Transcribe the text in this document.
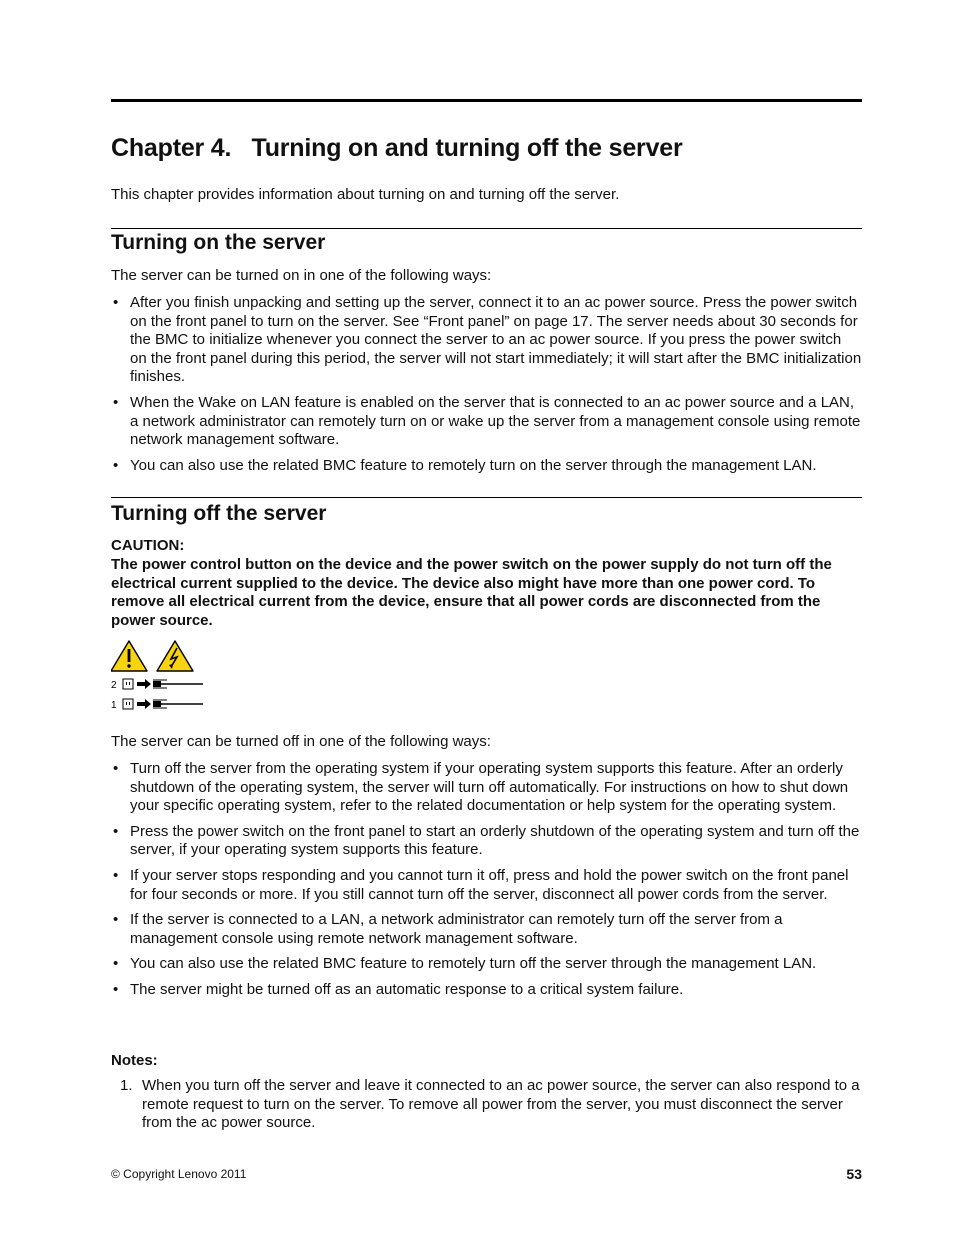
Chapter 4.   Turning on and turning off the server

This chapter provides information about turning on and turning off the server.

Turning on the server

The server can be turned on in one of the following ways:

• After you finish unpacking and setting up the server, connect it to an ac power source. Press the power switch on the front panel to turn on the server. See “Front panel” on page 17. The server needs about 30 seconds for the BMC to initialize whenever you connect the server to an ac power source. If you press the power switch on the front panel during this period, the server will not start immediately; it will start after the BMC initialization finishes.
• When the Wake on LAN feature is enabled on the server that is connected to an ac power source and a LAN, a network administrator can remotely turn on or wake up the server from a management console using remote network management software.
• You can also use the related BMC feature to remotely turn on the server through the management LAN.
Turning off the server

CAUTION:

The power control button on the device and the power switch on the power supply do not turn off the electrical current supplied to the device. The device also might have more than one power cord. To remove all electrical current from the device, ensure that all power cords are disconnected from the power source.

2
1

The server can be turned off in one of the following ways:

• Turn off the server from the operating system if your operating system supports this feature. After an orderly shutdown of the operating system, the server will turn off automatically. For instructions on how to shut down your specific operating system, refer to the related documentation or help system for the operating system.
• Press the power switch on the front panel to start an orderly shutdown of the operating system and turn off the server, if your operating system supports this feature.
• If your server stops responding and you cannot turn it off, press and hold the power switch on the front panel for four seconds or more. If you still cannot turn off the server, disconnect all power cords from the server.
• If the server is connected to a LAN, a network administrator can remotely turn off the server from a management console using remote network management software.
• You can also use the related BMC feature to remotely turn off the server through the management LAN.
• The server might be turned off as an automatic response to a critical system failure.

Notes:

1. When you turn off the server and leave it connected to an ac power source, the server can also respond to a remote request to turn on the server. To remove all power from the server, you must disconnect the server from the ac power source.

© Copyright Lenovo 2011	53
